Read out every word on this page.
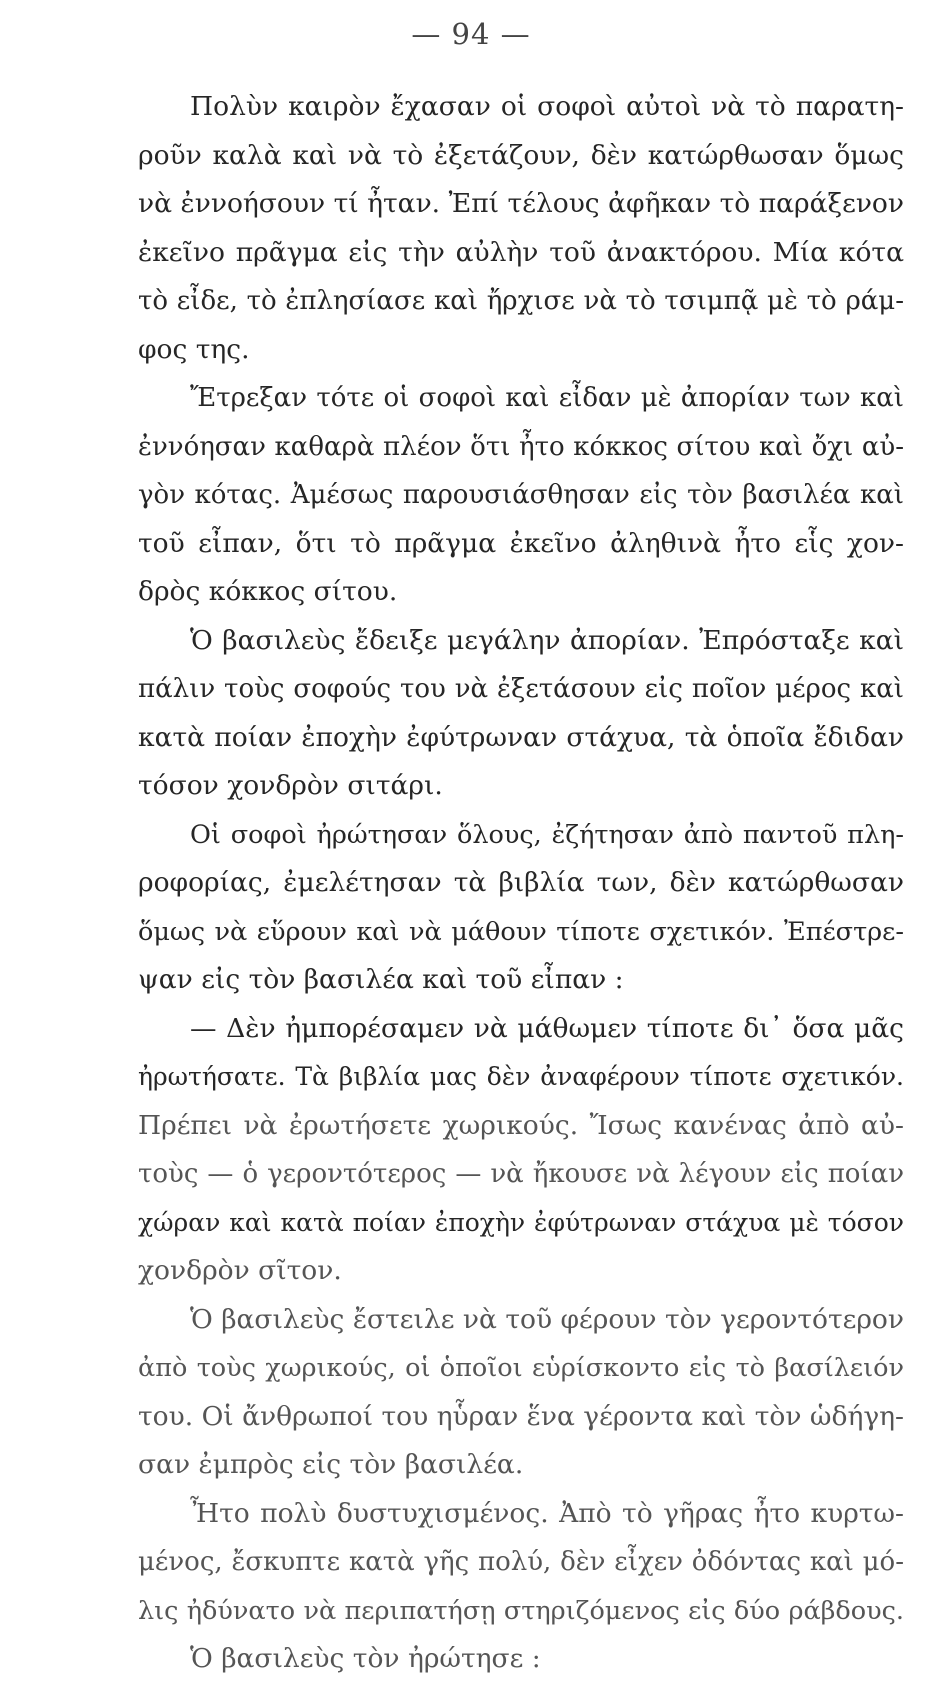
— 94 —
Πολὺν καιρὸν ἔχασαν οἱ σοφοὶ αὐτοὶ νὰ τὸ παρατη-
ροῦν καλὰ καὶ νὰ τὸ ἐξετάζουν, δὲν κατώρθωσαν ὅμως
νὰ ἐννοήσουν τί ἦταν. Ἐπί τέλους ἀφῆκαν τὸ παράξενον
ἐκεῖνο πρᾶγμα εἰς τὴν αὐλὴν τοῦ ἀνακτόρου. Μία κότα
τὸ εἶδε, τὸ ἐπλησίασε καὶ ἤρχισε νὰ τὸ τσιμπᾷ μὲ τὸ ράμ-
φος της.
Ἔτρεξαν τότε οἱ σοφοὶ καὶ εἶδαν μὲ ἀπορίαν των καὶ
ἐννόησαν καθαρὰ πλέον ὅτι ἦτο κόκκος σίτου καὶ ὄχι αὐ-
γὸν κότας. Ἀμέσως παρουσιάσθησαν εἰς τὸν βασιλέα καὶ
τοῦ εἶπαν, ὅτι τὸ πρᾶγμα ἐκεῖνο ἀληθινὰ ἦτο εἷς χον-
δρὸς κόκκος σίτου.
Ὁ βασιλεὺς ἔδειξε μεγάλην ἀπορίαν. Ἐπρόσταξε καὶ
πάλιν τοὺς σοφούς του νὰ ἐξετάσουν εἰς ποῖον μέρος καὶ
κατὰ ποίαν ἐποχὴν ἐφύτρωναν στάχυα, τὰ ὁποῖα ἔδιδαν
τόσον χονδρὸν σιτάρι.
Οἱ σοφοὶ ἠρώτησαν ὅλους, ἐζήτησαν ἀπὸ παντοῦ πλη-
ροφορίας, ἐμελέτησαν τὰ βιβλία των, δὲν κατώρθωσαν
ὅμως νὰ εὕρουν καὶ νὰ μάθουν τίποτε σχετικόν. Ἐπέστρε-
ψαν εἰς τὸν βασιλέα καὶ τοῦ εἶπαν :
— Δὲν ἠμπορέσαμεν νὰ μάθωμεν τίποτε δι᾽ ὅσα μᾶς
ἠρωτήσατε. Τὰ βιβλία μας δὲν ἀναφέρουν τίποτε σχετικόν.
Πρέπει νὰ ἐρωτήσετε χωρικούς. Ἴσως κανένας ἀπὸ αὐ-
τοὺς — ὁ γεροντότερος — νὰ ἤκουσε νὰ λέγουν εἰς ποίαν
χώραν καὶ κατὰ ποίαν ἐποχὴν ἐφύτρωναν στάχυα μὲ τόσον
χονδρὸν σῖτον.
Ὁ βασιλεὺς ἔστειλε νὰ τοῦ φέρουν τὸν γεροντότερον
ἀπὸ τοὺς χωρικούς, οἱ ὁποῖοι εὑρίσκοντο εἰς τὸ βασίλειόν
του. Οἱ ἄνθρωποί του ηὗραν ἕνα γέροντα καὶ τὸν ὡδήγη-
σαν ἐμπρὸς εἰς τὸν βασιλέα.
Ἦτο πολὺ δυστυχισμένος. Ἀπὸ τὸ γῆρας ἦτο κυρτω-
μένος, ἔσκυπτε κατὰ γῆς πολύ, δὲν εἶχεν ὀδόντας καὶ μό-
λις ἠδύνατο νὰ περιπατήσῃ στηριζόμενος εἰς δύο ράβδους.
Ὁ βασιλεὺς τὸν ἠρώτησε :
